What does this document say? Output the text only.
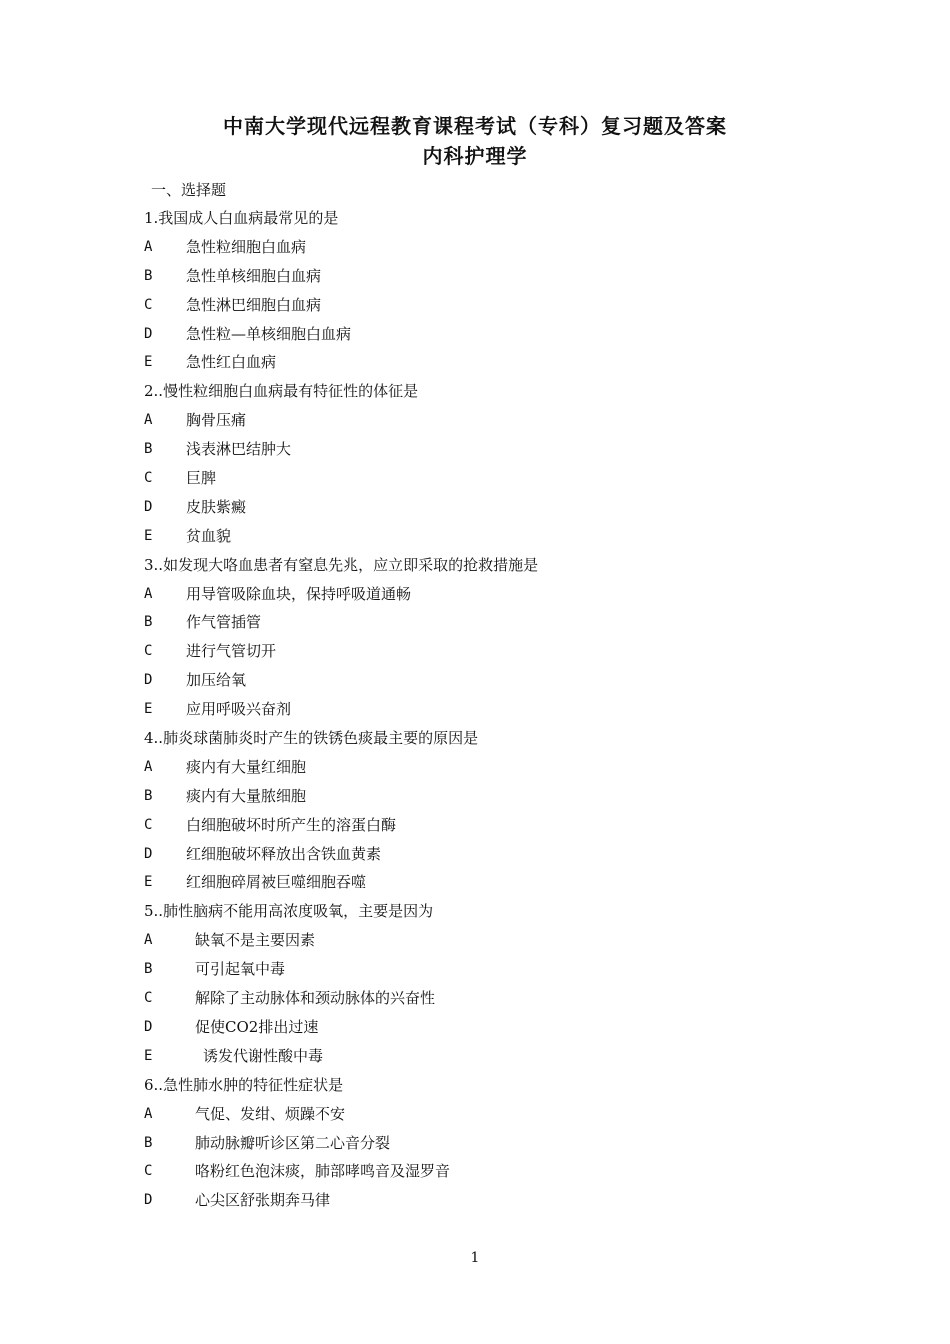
中南大学现代远程教育课程考试（专科）复习题及答案
内科护理学
一、选择题
1.我国成人白血病最常见的是
A 急性粒细胞白血病
B 急性单核细胞白血病
C 急性淋巴细胞白血病
D 急性粒—单核细胞白血病
E 急性红白血病
2..慢性粒细胞白血病最有特征性的体征是
A 胸骨压痛
B 浅表淋巴结肿大
C 巨脾
D 皮肤紫癜
E 贫血貌
3..如发现大咯血患者有窒息先兆，应立即采取的抢救措施是
A 用导管吸除血块，保持呼吸道通畅
B 作气管插管
C 进行气管切开
D 加压给氧
E 应用呼吸兴奋剂
4..肺炎球菌肺炎时产生的铁锈色痰最主要的原因是
A 痰内有大量红细胞
B 痰内有大量脓细胞
C 白细胞破坏时所产生的溶蛋白酶
D 红细胞破坏释放出含铁血黄素
E 红细胞碎屑被巨噬细胞吞噬
5..肺性脑病不能用高浓度吸氧，主要是因为
A	缺氧不是主要因素
B	可引起氧中毒
C	解除了主动脉体和颈动脉体的兴奋性
D	促使CO2排出过速
E	诱发代谢性酸中毒
6..急性肺水肿的特征性症状是
A	气促、发绀、烦躁不安
B	肺动脉瓣听诊区第二心音分裂
C	咯粉红色泡沫痰，肺部哮鸣音及湿罗音
D	心尖区舒张期奔马律
1
